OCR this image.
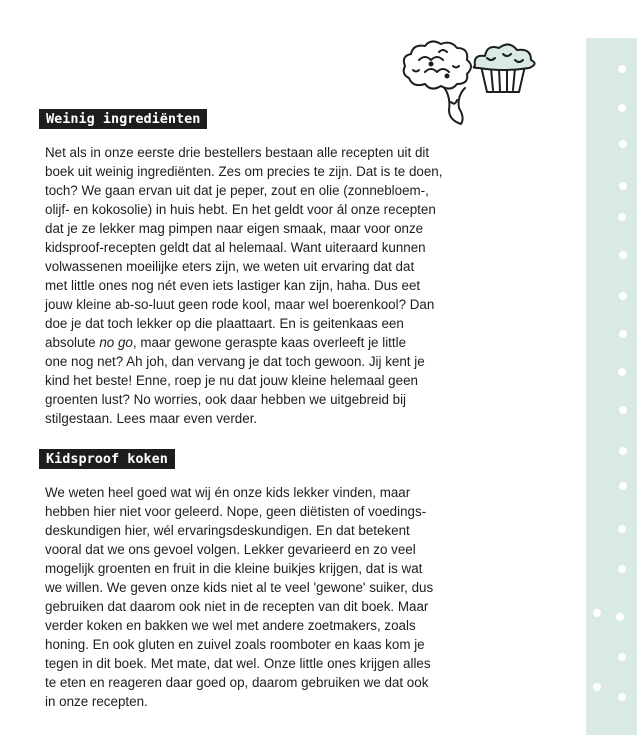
Weinig ingrediënten
Net als in onze eerste drie bestellers bestaan alle recepten uit dit
boek uit weinig ingrediënten. Zes om precies te zijn. Dat is te doen,
toch? We gaan ervan uit dat je peper, zout en olie (zonnebloem-,
olijf- en kokosolie) in huis hebt. En het geldt voor ál onze recepten
dat je ze lekker mag pimpen naar eigen smaak, maar voor onze
kidsproof-recepten geldt dat al helemaal. Want uiteraard kunnen
volwassenen moeilijke eters zijn, we weten uit ervaring dat dat
met little ones nog nét even iets lastiger kan zijn, haha. Dus eet
jouw kleine ab-so-luut geen rode kool, maar wel boerenkool? Dan
doe je dat toch lekker op die plaattaart. En is geitenkaas een
absolute no go, maar gewone geraspte kaas overleeft je little
one nog net? Ah joh, dan vervang je dat toch gewoon. Jij kent je
kind het beste! Enne, roep je nu dat jouw kleine helemaal geen
groenten lust? No worries, ook daar hebben we uitgebreid bij
stilgestaan. Lees maar even verder.
Kidsproof koken
We weten heel goed wat wij én onze kids lekker vinden, maar
hebben hier niet voor geleerd. Nope, geen diëtisten of voedings-
deskundigen hier, wél ervaringsdeskundigen. En dat betekent
vooral dat we ons gevoel volgen. Lekker gevarieerd en zo veel
mogelijk groenten en fruit in die kleine buikjes krijgen, dat is wat
we willen. We geven onze kids niet al te veel 'gewone' suiker, dus
gebruiken dat daarom ook niet in de recepten van dit boek. Maar
verder koken en bakken we wel met andere zoetmakers, zoals
honing. En ook gluten en zuivel zoals roomboter en kaas kom je
tegen in dit boek. Met mate, dat wel. Onze little ones krijgen alles
te eten en reageren daar goed op, daarom gebruiken we dat ook
in onze recepten.
